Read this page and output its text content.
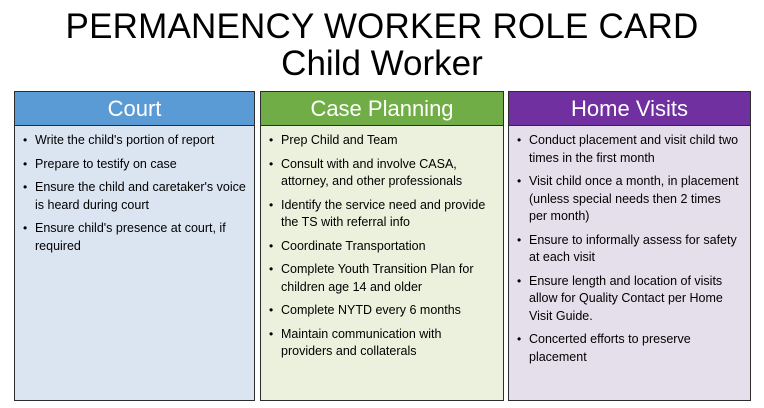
PERMANENCY WORKER ROLE CARD
Child Worker
Court
• Write the child's portion of report
• Prepare to testify on case
• Ensure the child and caretaker's voice is heard during court
• Ensure child's presence at court, if required
Case Planning
• Prep Child and Team
• Consult with and involve CASA, attorney, and other professionals
• Identify the service need and provide the TS with referral info
• Coordinate Transportation
• Complete Youth Transition Plan for children age 14 and older
• Complete NYTD every 6 months
• Maintain communication with providers and collaterals
Home Visits
• Conduct placement and visit child two times in the first month
• Visit child once a month, in placement (unless special needs then 2 times per month)
• Ensure to informally assess for safety at each visit
• Ensure length and location of visits allow for Quality Contact per Home Visit Guide.
• Concerted efforts to preserve placement
